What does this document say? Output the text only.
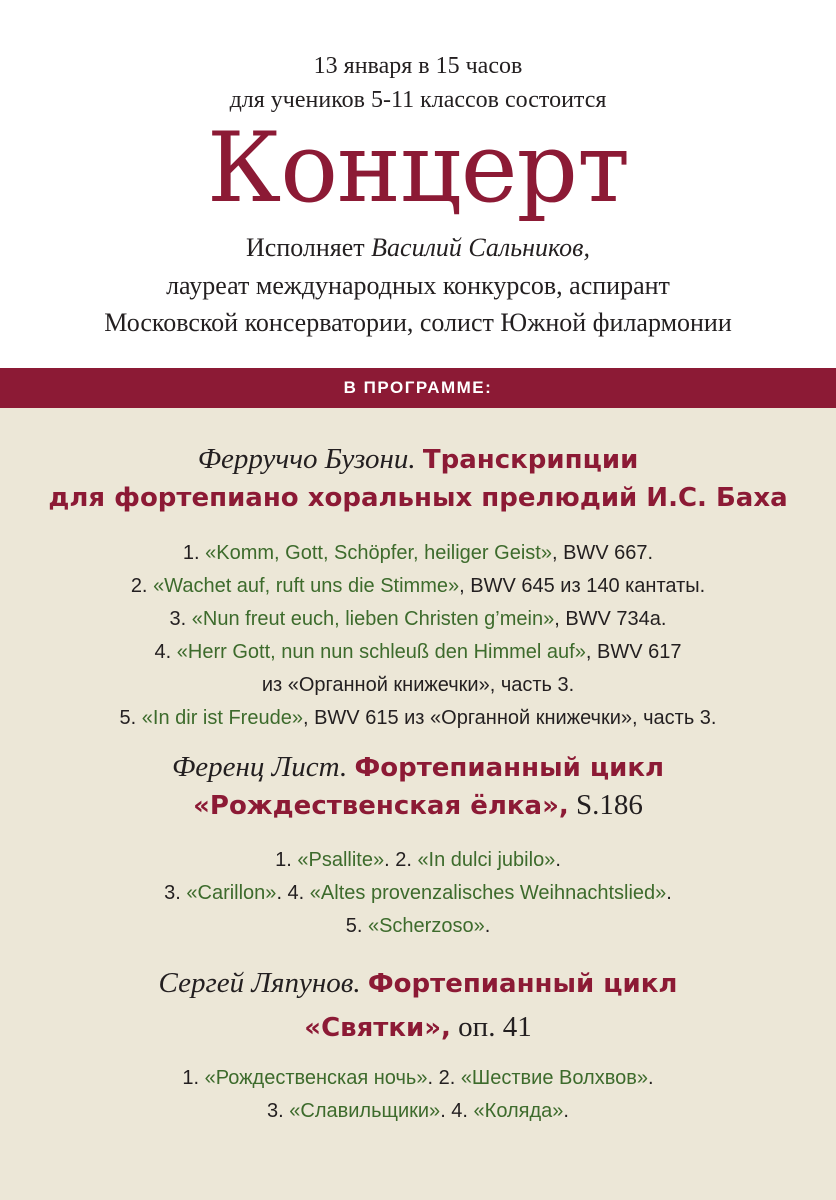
13 января в 15 часов
для учеников 5-11 классов состоится
Концерт
Исполняет Василий Сальников,
лауреат международных конкурсов, аспирант
Московской консерватории, солист Южной филармонии
В ПРОГРАММЕ:
Ферруччо Бузони. Транскрипции
для фортепиано хоральных прелюдий И.С. Баха
1. «Komm, Gott, Schöpfer, heiliger Geist», BWV 667.
2. «Wachet auf, ruft uns die Stimme», BWV 645 из 140 кантаты.
3. «Nun freut euch, lieben Christen g’mein», BWV 734a.
4. «Herr Gott, nun nun schleuß den Himmel auf», BWV 617
из «Органной книжечки», часть 3.
5. «In dir ist Freude», BWV 615 из «Органной книжечки», часть 3.
Ференц Лист. Фортепианный цикл
«Рождественская ёлка», S.186
1. «Psallite». 2. «In dulci jubilo».
3. «Carillon». 4. «Altes provenzalisches Weihnachtslied».
5. «Scherzoso».
Сергей Ляпунов. Фортепианный цикл
«Святки», оп. 41
1. «Рождественская ночь». 2. «Шествие Волхвов».
3. «Славильщики». 4. «Коляда».
